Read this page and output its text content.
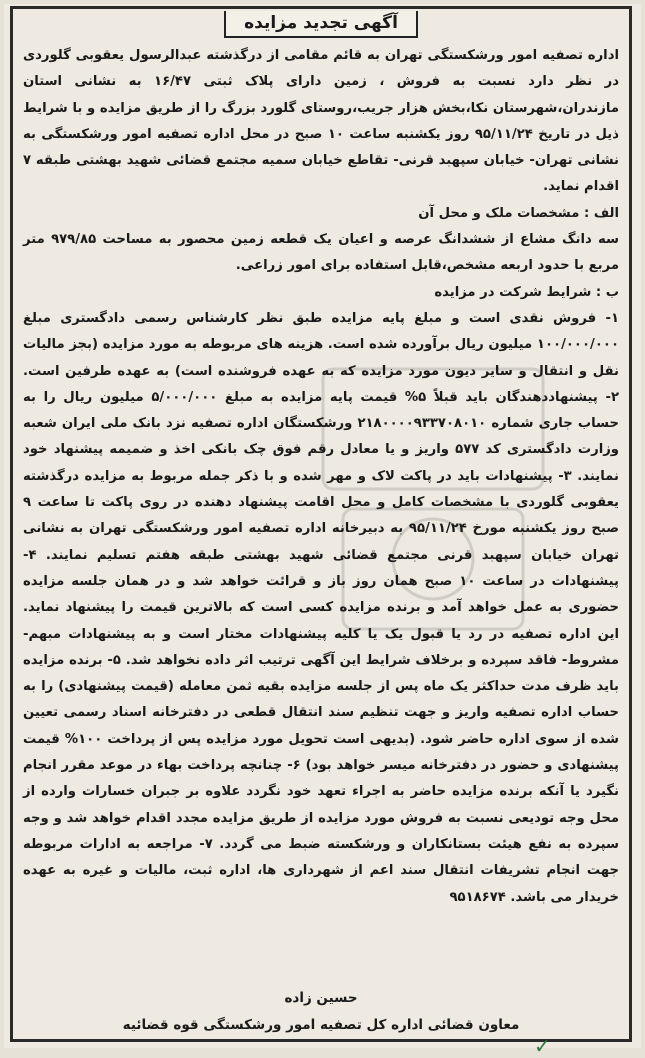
آگهی تجدید مزایده

اداره تصفیه امور ورشکستگی تهران به قائم مقامی از درگذشته عبدالرسول یعقوبی گلوردی در نظر دارد نسبت به فروش ، زمین دارای پلاک ثبتی ۱۶/۴۷ به نشانی استان مازندران،شهرستان نکا،بخش هزار جریب،روستای گلورد بزرگ را از طریق مزایده و با شرایط ذیل در تاریخ ۹۵/۱۱/۲۴ روز یکشنبه ساعت ۱۰ صبح در محل اداره تصفیه امور ورشکستگی به نشانی تهران- خیابان سپهبد قرنی- تقاطع خیابان سمیه مجتمع قضائی شهید بهشتی طبقه ۷ اقدام نماید.

الف : مشخصات ملک و محل آن

سه دانگ مشاع از ششدانگ عرصه و اعیان یک قطعه زمین محصور به مساحت ۹۷۹/۸۵ متر مربع با حدود اربعه مشخص،قابل استفاده برای امور زراعی.

ب : شرایط شرکت در مزایده

۱- فروش نقدی است و مبلغ پایه مزایده طبق نظر کارشناس رسمی دادگستری مبلغ ۱۰۰/۰۰۰/۰۰۰ میلیون ریال برآورده شده است. هزینه های مربوطه به مورد مزایده (بجز مالیات نقل و انتقال و سایر دیون مورد مزایده که به عهده فروشنده است) به عهده طرفین است. ۲- پیشنهاددهندگان باید قبلاً ۵% قیمت پایه مزایده به مبلغ ۵/۰۰۰/۰۰۰ میلیون ریال را به حساب جاری شماره ۲۱۸۰۰۰۰۹۳۳۷۰۸۰۱۰ ورشکستگان اداره تصفیه نزد بانک ملی ایران شعبه وزارت دادگستری کد ۵۷۷ واریز و یا معادل رقم فوق چک بانکی اخذ و ضمیمه پیشنهاد خود نمایند. ۳- پیشنهادات باید در پاکت لاک و مهر شده و با ذکر جمله مربوط به مزایده درگذشته یعقوبی گلوردی با مشخصات کامل و محل اقامت پیشنهاد دهنده در روی پاکت تا ساعت ۹ صبح روز یکشنبه مورخ ۹۵/۱۱/۲۴ به دبیرخانه اداره تصفیه امور ورشکستگی تهران به نشانی تهران خیابان سپهبد قرنی مجتمع قضائی شهید بهشتی طبقه هفتم تسلیم نمایند. ۴- پیشنهادات در ساعت ۱۰ صبح همان روز باز و قرائت خواهد شد و در همان جلسه مزایده حضوری به عمل خواهد آمد و برنده مزایده کسی است که بالاترین قیمت را پیشنهاد نماید. این اداره تصفیه در رد یا قبول یک یا کلیه پیشنهادات مختار است و به پیشنهادات مبهم- مشروط- فاقد سپرده و برخلاف شرایط این آگهی ترتیب اثر داده نخواهد شد. ۵- برنده مزایده باید ظرف مدت حداکثر یک ماه پس از جلسه مزایده بقیه ثمن معامله (قیمت پیشنهادی) را به حساب اداره تصفیه واریز و جهت تنظیم سند انتقال قطعی در دفترخانه اسناد رسمی تعیین شده از سوی اداره حاضر شود. (بدیهی است تحویل مورد مزایده پس از پرداخت ۱۰۰% قیمت پیشنهادی و حضور در دفترخانه میسر خواهد بود) ۶- چنانچه پرداخت بهاء در موعد مقرر انجام نگیرد یا آنکه برنده مزایده حاضر به اجراء تعهد خود نگردد علاوه بر جبران خسارات وارده از محل وجه تودیعی نسبت به فروش مورد مزایده از طریق مزایده مجدد اقدام خواهد شد و وجه سپرده به نفع هیئت بستانکاران و ورشکسته ضبط می گردد. ۷- مراجعه به ادارات مربوطه جهت انجام تشریفات انتقال سند اعم از شهرداری ها، اداره ثبت، مالیات و غیره به عهده خریدار می باشد. ۹۵۱۸۶۷۴

حسین زاده
معاون قضائی اداره کل تصفیه امور ورشکستگی قوه قضائیه
✓
